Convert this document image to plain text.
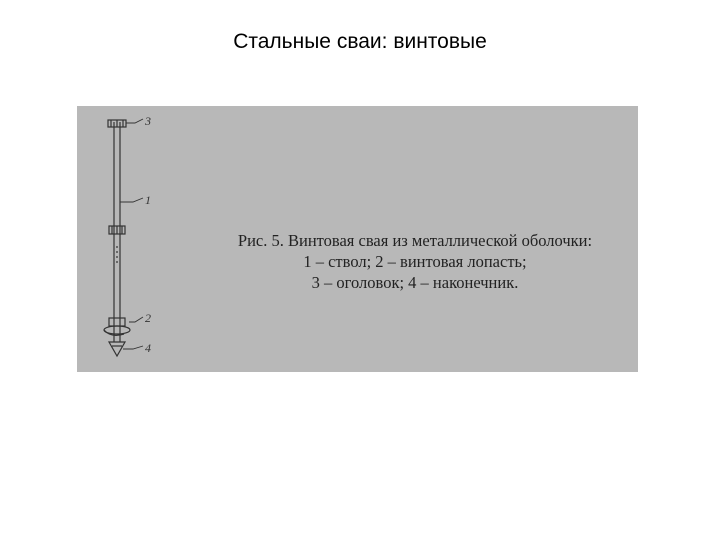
Стальные сваи: винтовые
3
1
2
4
Рис. 5. Винтовая свая из металлической оболочки:
1 – ствол; 2 – винтовая лопасть;
3 – оголовок; 4 – наконечник.
